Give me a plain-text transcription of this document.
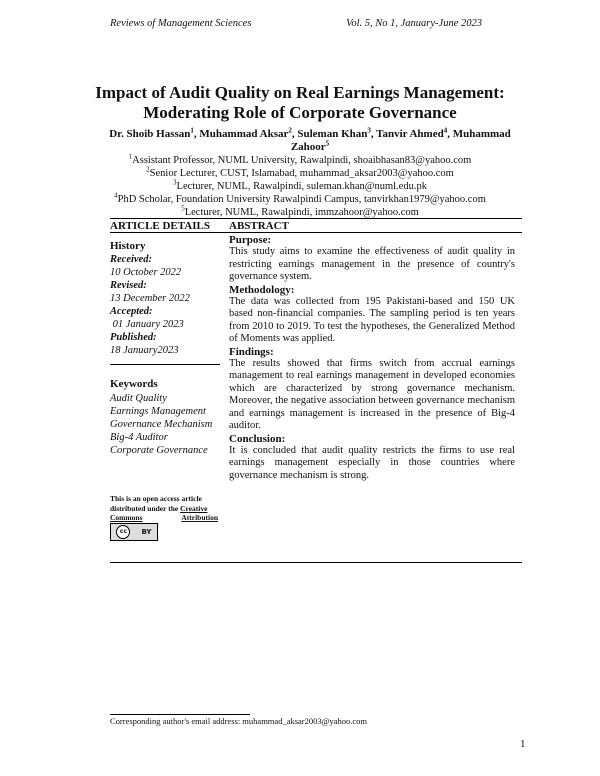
Reviews of Management Sciences	Vol. 5, No 1, January-June 2023
Impact of Audit Quality on Real Earnings Management:
Moderating Role of Corporate Governance
Dr. Shoib Hassan$^1$, Muhammad Aksar$^2$, Suleman Khan$^3$, Tanvir Ahmed$^4$, Muhammad Zahoor$^5$
$^1$Assistant Professor, NUML University, Rawalpindi, shoaibhasan83@yahoo.com
$^2$Senior Lecturer, CUST, Islamabad, muhammad_aksar2003@yahoo.com
$^3$Lecturer, NUML, Rawalpindi, suleman.khan@numl.edu.pk
$^4$PhD Scholar, Foundation University Rawalpindi Campus, tanvirkhan1979@yahoo.com
$^5$Lecturer, NUML, Rawalpindi, immzahoor@yahoo.com
ARTICLE DETAILS ABSTRACT
History
Received:
10 October 2022
Revised:
13 December 2022
Accepted:
01 January 2023
Published:
18 January2023
Keywords
Audit Quality
Earnings Management
Governance Mechanism
Big-4 Auditor
Corporate Governance
This is an open access article
distributed under the Creative
Commons	Attribution
cc	BY
Purpose:
This study aims to examine the effectiveness of audit quality in restricting earnings management in the presence of country's governance system.
Methodology:
The data was collected from 195 Pakistani-based and 150 UK based non-financial companies. The sampling period is ten years from 2010 to 2019. To test the hypotheses, the Generalized Method of Moments was applied.
Findings:
The results showed that firms switch from accrual earnings management to real earnings management in developed economies which are characterized by strong governance mechanism. Moreover, the negative association between governance mechanism and earnings management is increased in the presence of Big-4 auditor.
Conclusion:
It is concluded that audit quality restricts the firms to use real earnings management especially in those countries where governance mechanism is strong.
Corresponding author's email address: muhammad_aksar2003@yahoo.com
1
